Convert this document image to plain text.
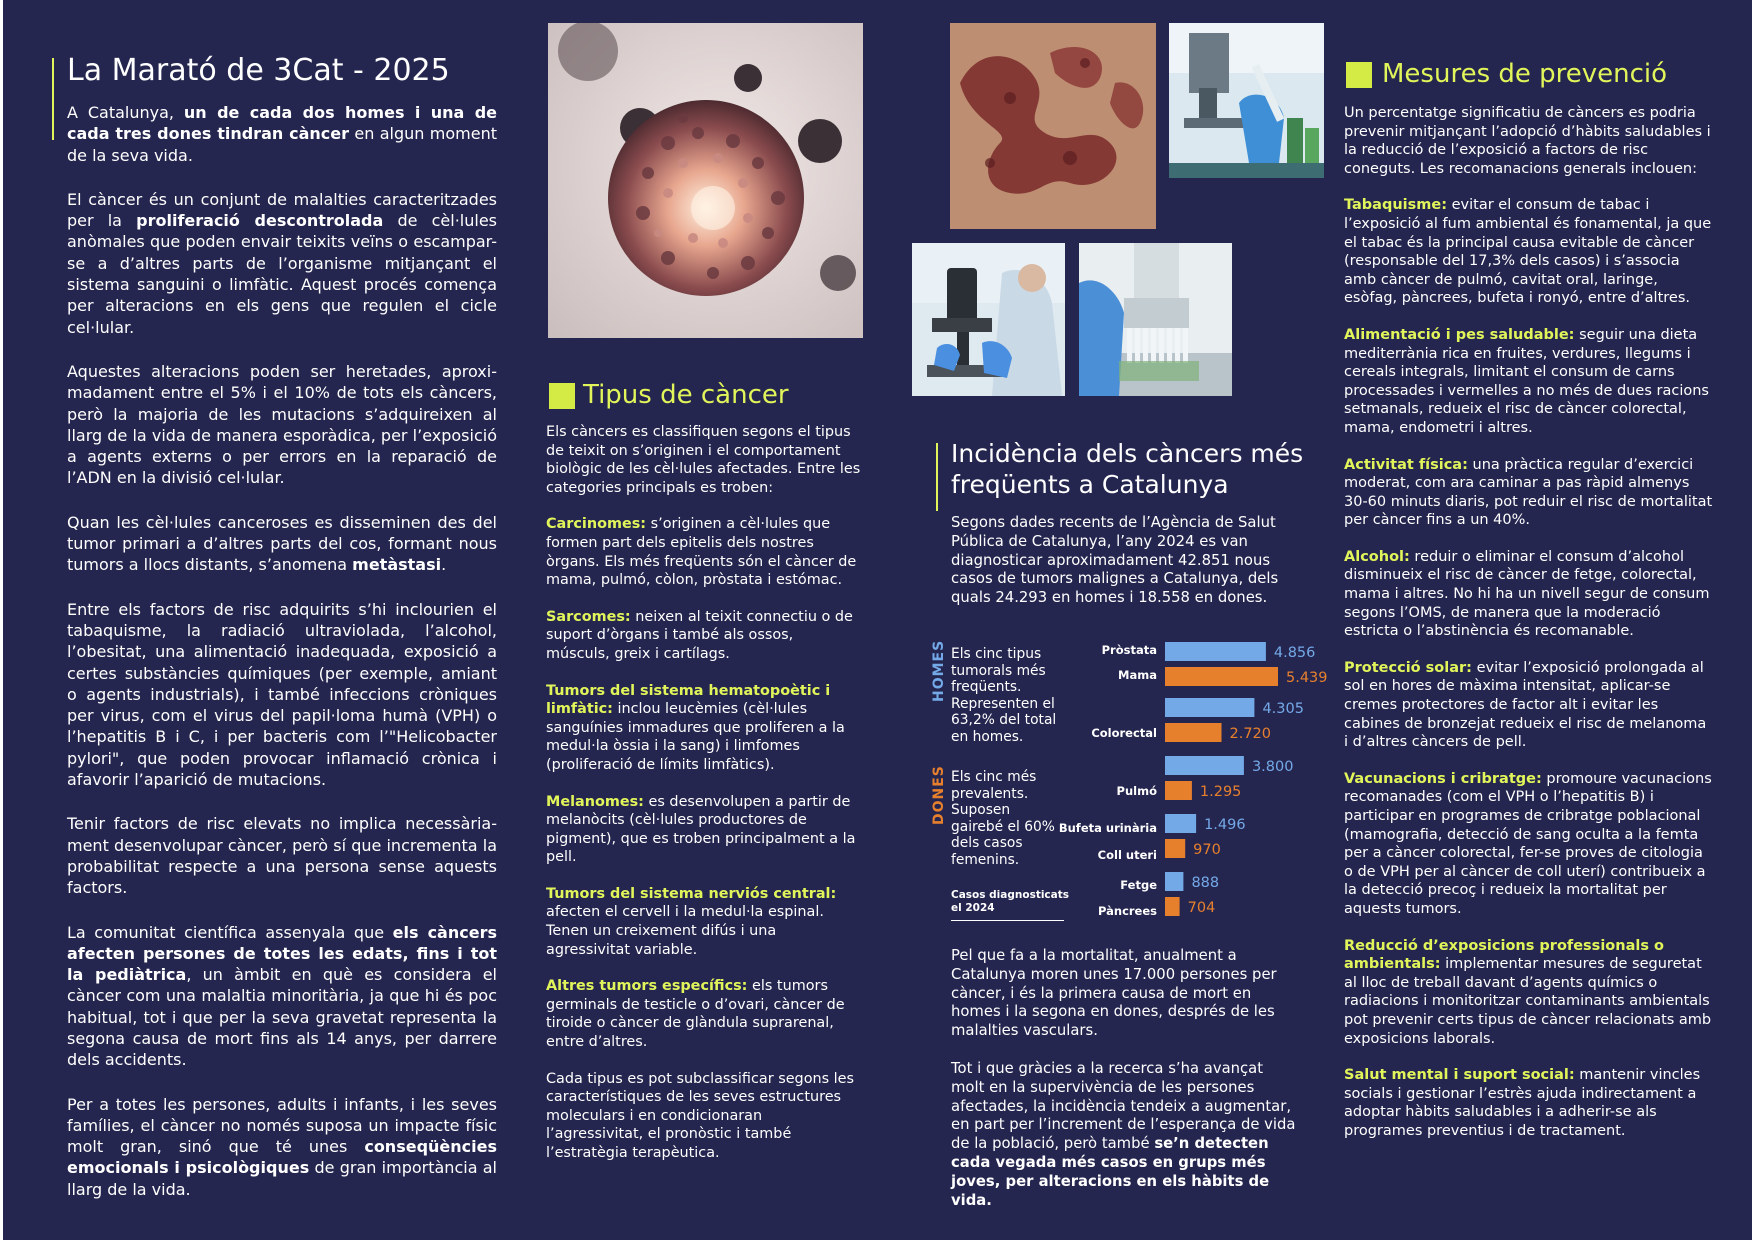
La Marató de 3Cat - 2025

A Catalunya, un de cada dos homes i una de cada tres dones tindran càncer en algun moment de la seva vida.

El càncer és un conjunt de malalties caracteritzades per la proliferació descontrolada de cèl·lules anòmales que poden envair teixits veïns o escampar-se a d’altres parts de l’organisme mitjançant el sistema sanguini o limfàtic. Aquest procés comença per alteracions en els gens que regulen el cicle cel·lular.

Aquestes alteracions poden ser heretades, aproximadament entre el 5% i el 10% de tots els càncers, però la majoria de les mutacions s’adquireixen al llarg de la vida de manera esporàdica, per l’exposició a agents externs o per errors en la reparació de l’ADN en la divisió cel·lular.

Quan les cèl·lules canceroses es disseminen des del tumor primari a d’altres parts del cos, formant nous tumors a llocs distants, s’anomena metàstasi.

Entre els factors de risc adquirits s’hi inclourien el tabaquisme, la radiació ultraviolada, l’alcohol, l’obesitat, una alimentació inadequada, exposició a certes substàncies químiques (per exemple, amiant o agents industrials), i també infeccions cròniques per virus, com el virus del papil·loma humà (VPH) o l’hepatitis B i C, i per bacteris com l’"Helicobacter pylori", que poden provocar inflamació crònica i afavorir l’aparició de mutacions.

Tenir factors de risc elevats no implica necessàriament desenvolupar càncer, però sí que incrementa la probabilitat respecte a una persona sense aquests factors.

La comunitat científica assenyala que els càncers afecten persones de totes les edats, fins i tot la pediàtrica, un àmbit en què es considera el càncer com una malaltia minoritària, ja que hi és poc habitual, tot i que per la seva gravetat representa la segona causa de mort fins als 14 anys, per darrere dels accidents.

Per a totes les persones, adults i infants, i les seves famílies, el càncer no només suposa un impacte físic molt gran, sinó que té unes conseqüències emocionals i psicològiques de gran importància al llarg de la vida.

Tipus de càncer

Els càncers es classifiquen segons el tipus de teixit on s’originen i el comportament biològic de les cèl·lules afectades. Entre les categories principals es troben:

Carcinomes: s’originen a cèl·lules que formen part dels epitelis dels nostres òrgans. Els més freqüents són el càncer de mama, pulmó, còlon, pròstata i estómac.

Sarcomes: neixen al teixit connectiu o de suport d’òrgans i també als ossos, músculs, greix i cartílags.

Tumors del sistema hematopoètic i limfàtic: inclou leucèmies (cèl·lules sanguínies immadures que proliferen a la medul·la òssia i la sang) i limfomes (proliferació de límits limfàtics).

Melanomes: es desenvolupen a partir de melanòcits (cèl·lules productores de pigment), que es troben principalment a la pell.

Tumors del sistema nerviós central: afecten el cervell i la medul·la espinal. Tenen un creixement difús i una agressivitat variable.

Altres tumors específics: els tumors germinals de testicle o d’ovari, càncer de tiroide o càncer de glàndula suprarenal, entre d’altres.

Cada tipus es pot subclassificar segons les característiques de les seves estructures moleculars i en condicionaran l’agressivitat, el pronòstic i també l’estratègia terapèutica.

Incidència dels càncers més freqüents a Catalunya
Segons dades recents de l’Agència de Salut Pública de Catalunya, l’any 2024 es van diagnosticar aproximadament 42.851 nous casos de tumors malignes a Catalunya, dels quals 24.293 en homes i 18.558 en dones.
HOMES
DONES
Els cinc tipus tumorals més freqüents. Representen el 63,2% del total en homes.
Els cinc més prevalents. Suposen gairebé el 60% dels casos femenins.
Casos diagnosticats el 2024
Pròstata
Mama
Colorectal
Pulmó
Bufeta urinària
Coll uteri
Fetge
Pàncrees
4.856
5.439
4.305
2.720
3.800
1.295
1.496
970
888
704

Pel que fa a la mortalitat, anualment a Catalunya moren unes 17.000 persones per càncer, i és la primera causa de mort en homes i la segona en dones, després de les malalties vasculars.

Tot i que gràcies a la recerca s’ha avançat molt en la supervivència de les persones afectades, la incidència tendeix a augmentar, en part per l’increment de l’esperança de vida de la població, però també se’n detecten cada vegada més casos en grups més joves, per alteracions en els hàbits de vida.

Mesures de prevenció

Un percentatge significatiu de càncers es podria prevenir mitjançant l’adopció d’hàbits saludables i la reducció de l’exposició a factors de risc coneguts. Les recomanacions generals inclouen:

Tabaquisme: evitar el consum de tabac i l’exposició al fum ambiental és fonamental, ja que el tabac és la principal causa evitable de càncer (responsable del 17,3% dels casos) i s’associa amb càncer de pulmó, cavitat oral, laringe, esòfag, pàncrees, bufeta i ronyó, entre d’altres.

Alimentació i pes saludable: seguir una dieta mediterrània rica en fruites, verdures, llegums i cereals integrals, limitant el consum de carns processades i vermelles a no més de dues racions setmanals, redueix el risc de càncer colorectal, mama, endometri i altres.

Activitat física: una pràctica regular d’exercici moderat, com ara caminar a pas ràpid almenys 30-60 minuts diaris, pot reduir el risc de mortalitat per càncer fins a un 40%.

Alcohol: reduir o eliminar el consum d’alcohol disminueix el risc de càncer de fetge, colorectal, mama i altres. No hi ha un nivell segur de consum segons l’OMS, de manera que la moderació estricta o l’abstinència és recomanable.

Protecció solar: evitar l’exposició prolongada al sol en hores de màxima intensitat, aplicar-se cremes protectores de factor alt i evitar les cabines de bronzejat redueix el risc de melanoma i d’altres càncers de pell.

Vacunacions i cribratge: promoure vacunacions recomanades (com el VPH o l’hepatitis B) i participar en programes de cribratge poblacional (mamografia, detecció de sang oculta a la femta per a càncer colorectal, fer-se proves de citologia o de VPH per al càncer de coll uterí) contribueix a la detecció precoç i redueix la mortalitat per aquests tumors.

Reducció d’exposicions professionals o ambientals: implementar mesures de seguretat al lloc de treball davant d’agents químics o radiacions i monitoritzar contaminants ambientals pot prevenir certs tipus de càncer relacionats amb exposicions laborals.

Salut mental i suport social: mantenir vincles socials i gestionar l’estrès ajuda indirectament a adoptar hàbits saludables i a adherir-se als programes preventius i de tractament.
